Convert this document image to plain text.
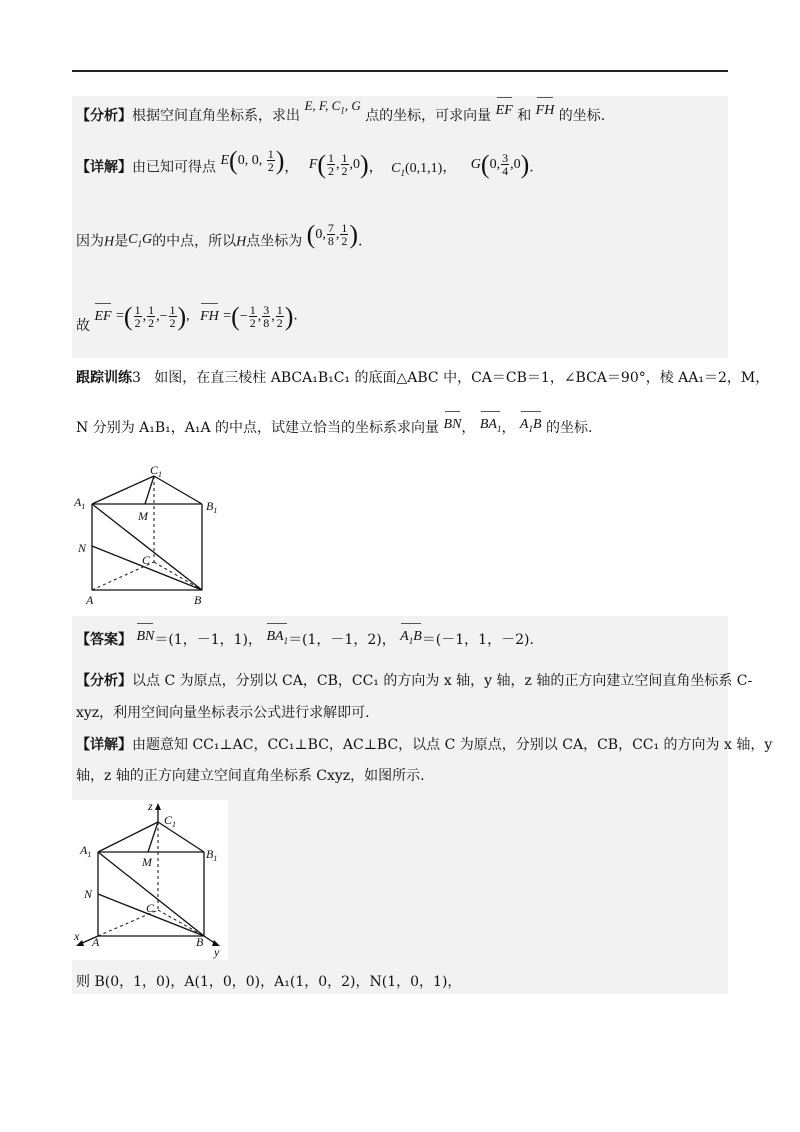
【分析】根据空间直角坐标系，求出 E, F, $C_1$, G 点的坐标，可求向量 EF 和 FH 的坐标.
【详解】由已知可得点 E(0, 0, $\frac{1}{2}$ )， $F( \frac{1}{2}$ , $\frac{1}{2} ,0$)， $C_1(0,1,1)$， G(0, $\frac{3}{4} ,0$).
因为H是$C_1G$的中点，所以H点坐标为 (0, $\frac{7}{8}$ , $\frac{1}{2}$ ).
故 EF =( $\frac{1}{2}$ , $\frac{1}{2}$ ,− $\frac{1}{2}$ ), FH =(− $\frac{1}{2}$ , $\frac{3}{8}$ , $\frac{1}{2}$ ).
跟踪训练3 如图，在直三棱柱 ABCA₁B₁C₁ 的底面△ABC 中，CA＝CB＝1，∠BCA＝90°，棱 AA₁＝2，M，
N 分别为 A₁B₁，A₁A 的中点，试建立恰当的坐标系求向量 BN， $BA_1$， $A_1B$ 的坐标.
$C_1$
$A_1$	$B_1$
M
N
C
A	B
【答案】 BN＝(1，－1，1)， $BA_1=(1$，－1，2)， $A_1B=(-1$，1，－2).
【分析】以点 C 为原点，分别以 CA，CB，CC₁ 的方向为 x 轴，y 轴，z 轴的正方向建立空间直角坐标系 C-
xyz，利用空间向量坐标表示公式进行求解即可.
【详解】由题意知 CC₁⊥AC，CC₁⊥BC，AC⊥BC，以点 C 为原点，分别以 CA，CB，CC₁ 的方向为 x 轴，y
轴，z 轴的正方向建立空间直角坐标系 Cxyz，如图所示.
z
$C_1$
$A_1$	$B_1$
M
N
C
x A	B
y
则 B(0，1，0)，A(1，0，0)，A₁(1，0，2)，N(1，0，1)，
